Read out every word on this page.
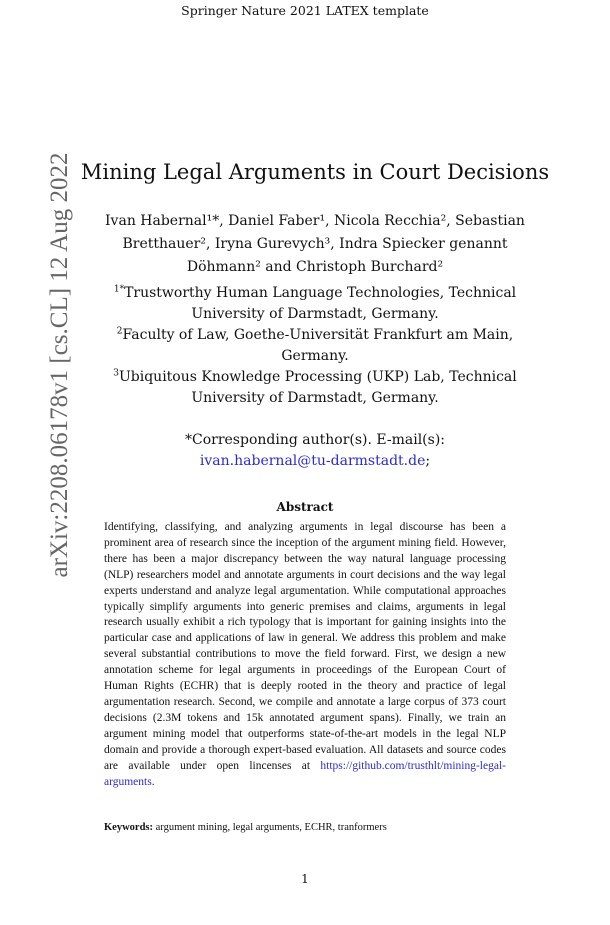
Springer Nature 2021 LATEX template
arXiv:2208.06178v1 [cs.CL] 12 Aug 2022 Mining Legal Arguments in Court Decisions
Ivan Habernal¹*, Daniel Faber¹, Nicola Recchia², Sebastian
Bretthauer², Iryna Gurevych³, Indra Spiecker genannt
Döhmann² and Christoph Burchard²
$^{1*}$Trustworthy Human Language Technologies, Technical University of Darmstadt, Germany.
$^2$Faculty of Law, Goethe-Universität Frankfurt am Main, Germany.
$^3$Ubiquitous Knowledge Processing (UKP) Lab, Technical University of Darmstadt, Germany.
*Corresponding author(s). E-mail(s):
ivan.habernal@tu-darmstadt.de;
Abstract
Identifying, classifying, and analyzing arguments in legal discourse has been a prominent area of research since the inception of the argument mining field. However, there has been a major discrepancy between the way natural language processing (NLP) researchers model and annotate arguments in court decisions and the way legal experts understand and analyze legal argumentation. While computational approaches typically simplify arguments into generic premises and claims, arguments in legal research usually exhibit a rich typology that is important for gaining insights into the particular case and applications of law in general. We address this problem and make several substantial contributions to move the field forward. First, we design a new annotation scheme for legal arguments in proceedings of the European Court of Human Rights (ECHR) that is deeply rooted in the theory and practice of legal argumentation research. Second, we compile and annotate a large corpus of 373 court decisions (2.3M tokens and 15k annotated argument spans). Finally, we train an argument mining model that outperforms state-of-the-art models in the legal NLP domain and provide a thorough expert-based evaluation. All datasets and source codes are available under open lincenses at https://github.com/trusthlt/mining-legal-arguments.
Keywords: argument mining, legal arguments, ECHR, tranformers
1
